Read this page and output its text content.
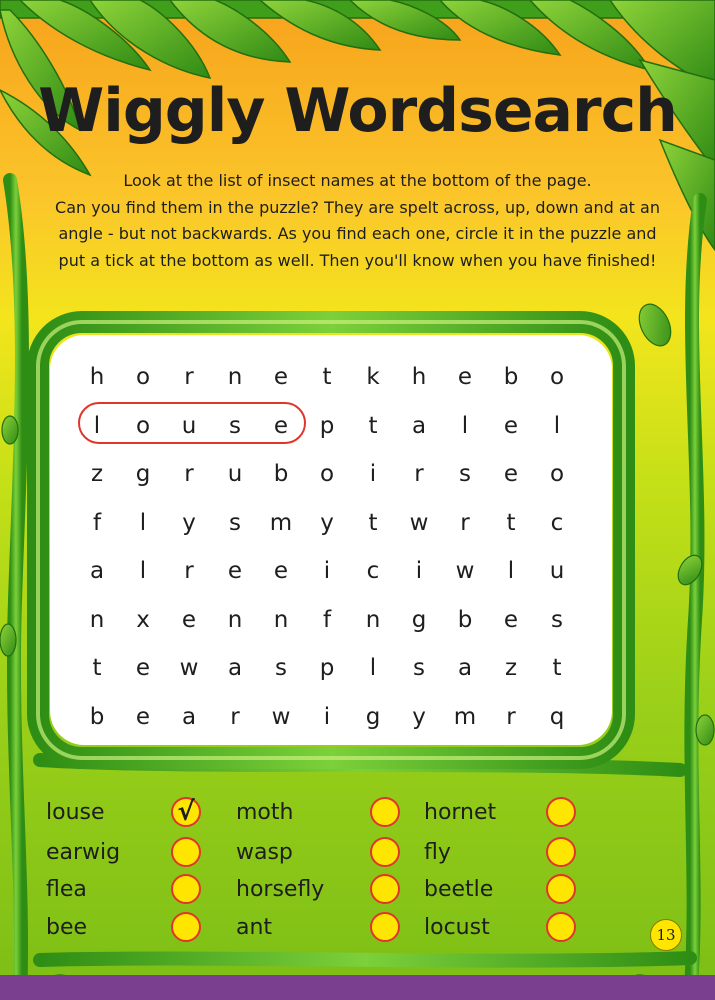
Wiggly Wordsearch
Look at the list of insect names at the bottom of the page.
Can you find them in the puzzle? They are spelt across, up, down and at an
angle - but not backwards. As you find each one, circle it in the puzzle and
put a tick at the bottom as well. Then you'll know when you have finished!
h	o	r	n	e	t	k	h	e	b	o
l	o	u	s	e	p	t	a	l	e	l
z	g	r	u	b	o	i	r	s	e	o
f	l	y	s	m	y	t	w	r	t	c
a	l	r	e	e	i	c	i	w	l	u
n	x	e	n	n	f	n	g	b	e	s
t	e	w	a	s	p	l	s	a	z	t
b	e	a	r	w	i	g	y	m	r	q
louse	√
earwig
flea
bee
moth
wasp
horsefly
ant
hornet
fly
beetle
locust	13
